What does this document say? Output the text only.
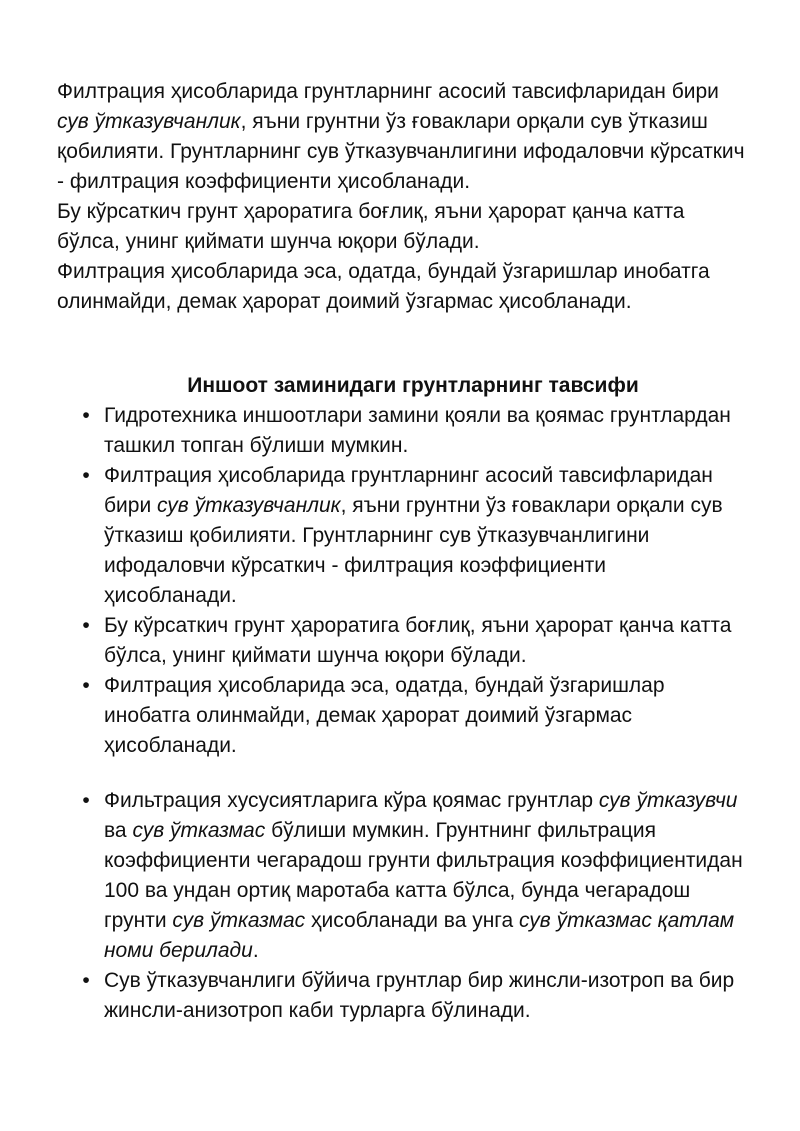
Филтрация ҳисобларида грунтларнинг асосий тавсифларидан бири сув ўтказувчанлик, яъни грунтни ўз ғоваклари орқали сув ўтказиш қобилияти. Грунтларнинг сув ўтказувчанлигини ифодаловчи кўрсаткич - филтрация коэффициенти ҳисобланади.

Бу кўрсаткич грунт ҳароратига боғлиқ, яъни ҳарорат қанча катта бўлса, унинг қиймати шунча юқори бўлади.

Филтрация ҳисобларида эса, одатда, бундай ўзгаришлар инобатга олинмайди, демак ҳарорат доимий ўзгармас ҳисобланади.

Иншоот заминидаги грунтларнинг тавсифи
• Гидротехника иншоотлари замини қояли ва қоямас грунтлардан ташкил топган бўлиши мумкин.
• Филтрация ҳисобларида грунтларнинг асосий тавсифларидан бири сув ўтказувчанлик, яъни грунтни ўз ғоваклари орқали сув ўтказиш қобилияти. Грунтларнинг сув ўтказувчанлигини ифодаловчи кўрсаткич - филтрация коэффициенти ҳисобланади.
• Бу кўрсаткич грунт ҳароратига боғлиқ, яъни ҳарорат қанча катта бўлса, унинг қиймати шунча юқори бўлади.
• Филтрация ҳисобларида эса, одатда, бундай ўзгаришлар инобатга олинмайди, демак ҳарорат доимий ўзгармас ҳисобланади.
• Фильтрация хусусиятларига кўра қоямас грунтлар сув ўтказувчи ва сув ўтказмас бўлиши мумкин. Грунтнинг фильтрация коэффициенти чегарадош грунти фильтрация коэффициентидан 100 ва ундан ортиқ маротаба катта бўлса, бунда чегарадош грунти сув ўтказмас ҳисобланади ва унга сув ўтказмас қатлам номи берилади.
• Сув ўтказувчанлиги бўйича грунтлар бир жинсли-изотроп ва бир жинсли-анизотроп каби турларга бўлинади.
